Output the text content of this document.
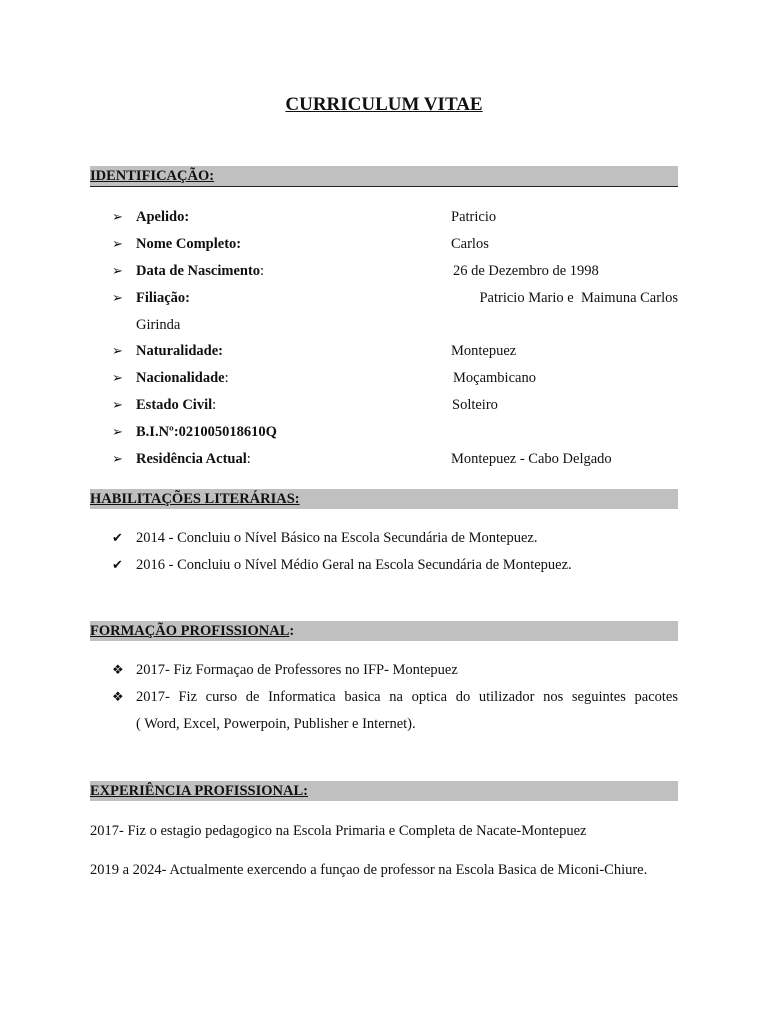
CURRICULUM VITAE
IDENTIFICAÇÃO:
➢ Apelido:	Patricio
➢ Nome Completo:	Carlos
➢ Data de Nascimento:	26 de Dezembro de 1998
➢ Filiação:	Patricio Mario e  Maimuna Carlos
Girinda
➢ Naturalidade:	Montepuez
➢ Nacionalidade:	Moçambicano
➢ Estado Civil:	Solteiro
➢ B.I.Nº:021005018610Q
➢ Residência Actual:	Montepuez - Cabo Delgado
HABILITAÇÕES LITERÁRIAS:
✔ 2014 - Concluiu o Nível Básico na Escola Secundária de Montepuez.
✔ 2016 - Concluiu o Nível Médio Geral na Escola Secundária de Montepuez.
FORMAÇÃO PROFISSIONAL:
❖ 2017- Fiz Formaçao de Professores no IFP- Montepuez
❖ 2017- Fiz curso de Informatica basica na optica do utilizador nos seguintes pacotes
( Word, Excel, Powerpoin, Publisher e Internet).
EXPERIÊNCIA PROFISSIONAL:
2017- Fiz o estagio pedagogico na Escola Primaria e Completa de Nacate-Montepuez
2019 a 2024- Actualmente exercendo a funçao de professor na Escola Basica de Miconi-Chiure.
